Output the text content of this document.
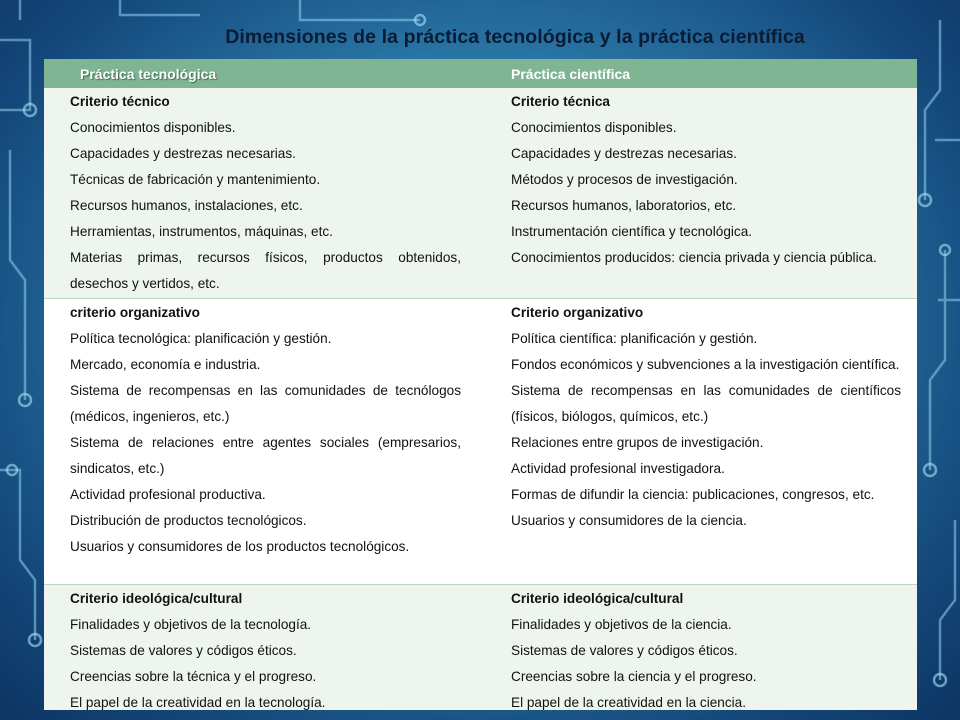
Dimensiones de la práctica tecnológica y la práctica científica
Práctica tecnológica	Práctica científica
Criterio técnico
Conocimientos disponibles.
Capacidades y destrezas necesarias.
Técnicas de fabricación y mantenimiento.
Recursos humanos, instalaciones, etc.
Herramientas, instrumentos, máquinas, etc.
Materias primas, recursos físicos, productos obtenidos, desechos y vertidos, etc.
Criterio técnica
Conocimientos disponibles.
Capacidades y destrezas necesarias.
Métodos y procesos de investigación.
Recursos humanos, laboratorios, etc.
Instrumentación científica y tecnológica.
Conocimientos producidos: ciencia privada y ciencia pública.
criterio organizativo
Política tecnológica: planificación y gestión.
Mercado, economía e industria.
Sistema de recompensas en las comunidades de tecnólogos (médicos, ingenieros, etc.)
Sistema de relaciones entre agentes sociales (empresarios, sindicatos, etc.)
Actividad profesional productiva.
Distribución de productos tecnológicos.
Usuarios y consumidores de los productos tecnológicos.
Criterio organizativo
Política científica: planificación y gestión.
Fondos económicos y subvenciones a la investigación científica.
Sistema de recompensas en las comunidades de científicos (físicos, biólogos, químicos, etc.)
Relaciones entre grupos de investigación.
Actividad profesional investigadora.
Formas de difundir la ciencia: publicaciones, congresos, etc.
Usuarios y consumidores de la ciencia.
Criterio ideológica/cultural
Finalidades y objetivos de la tecnología.
Sistemas de valores y códigos éticos.
Creencias sobre la técnica y el progreso.
El papel de la creatividad en la tecnología.
Criterio ideológica/cultural
Finalidades y objetivos de la ciencia.
Sistemas de valores y códigos éticos.
Creencias sobre la ciencia y el progreso.
El papel de la creatividad en la ciencia.
